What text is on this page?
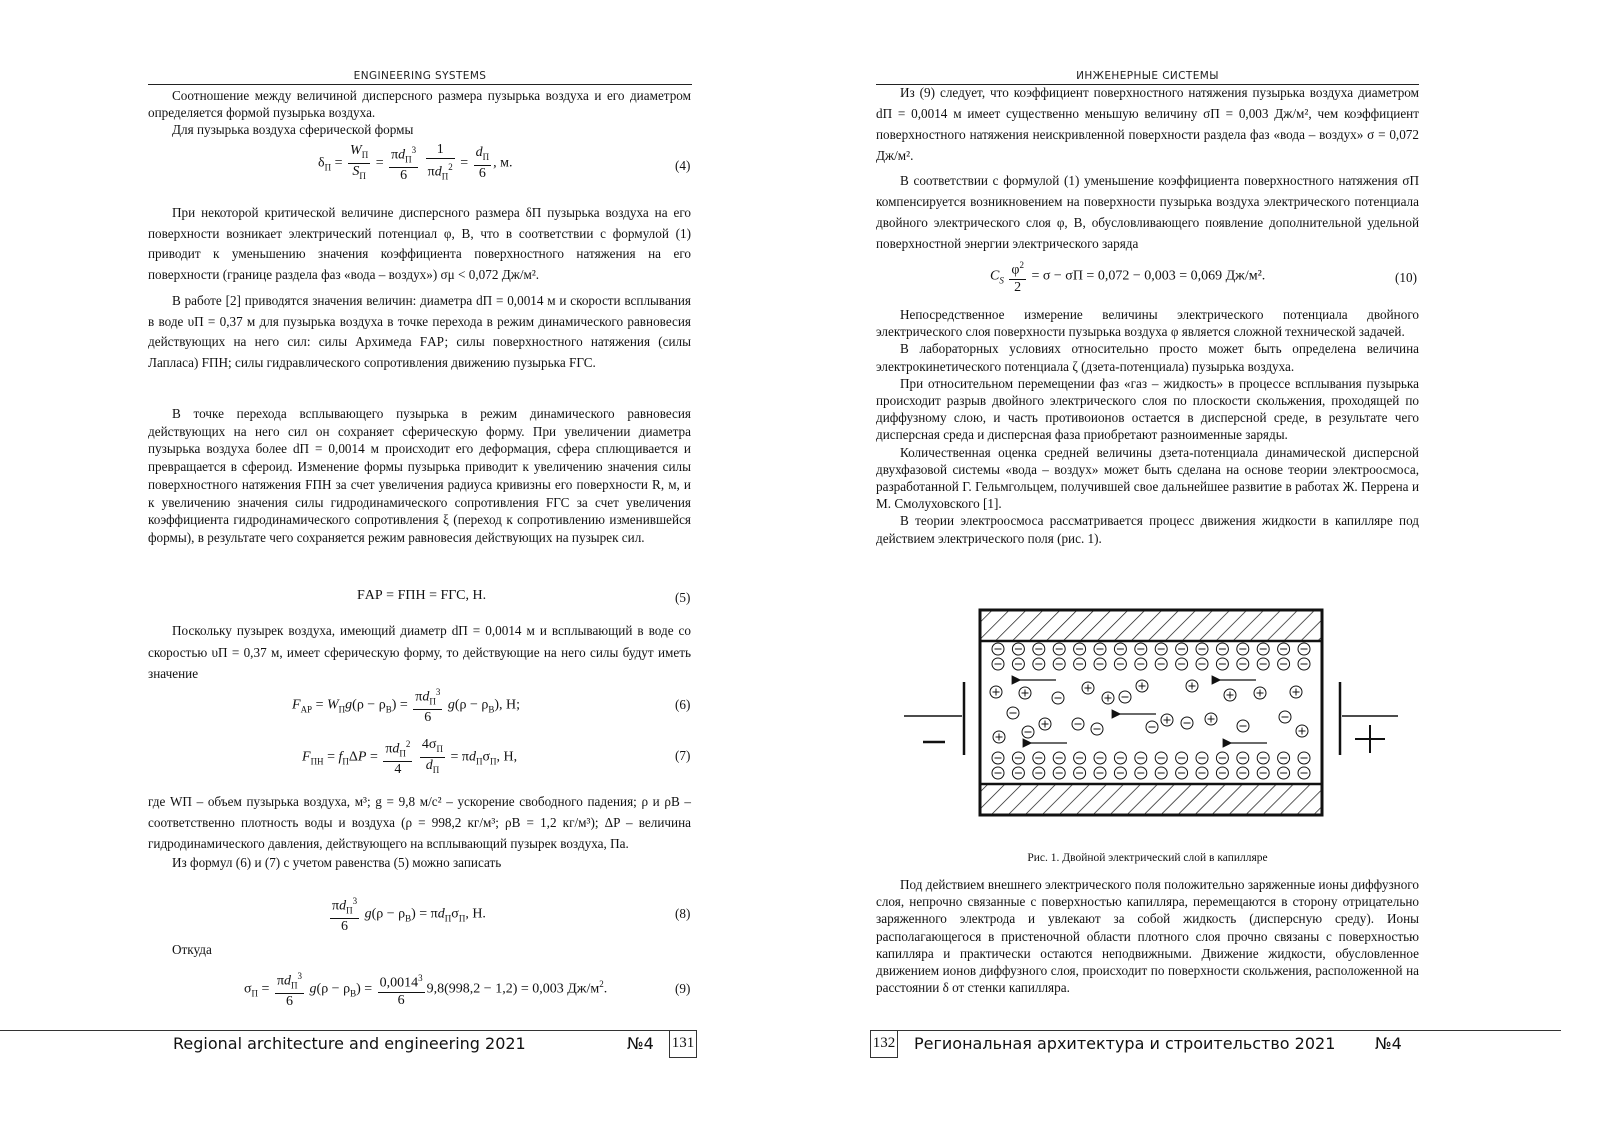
ENGINEERING SYSTEMS

Соотношение между величиной дисперсного размера пузырька воздуха и его диаметром определяется формой пузырька воздуха.

Для пузырька воздуха сферической формы

$\delta_П = \frac{W_П}{S_П} = \frac{\pi d_П^3}{6}$
$\frac{1}{\pi d_П^2} = \frac{d_П}{6}$ , м.	(4)

При некоторой критической величине дисперсного размера δП пузырька воздуха на его поверхности возникает электрический потенциал φ, В, что в соответствии с формулой (1) приводит к уменьшению значения коэффициента поверхностного натяжения на его поверхности (границе раздела фаз «вода – воздух») σμ < 0,072 Дж/м².

В работе [2] приводятся значения величин: диаметра dП = 0,0014 м и скорости всплывания в воде υП = 0,37 м для пузырька воздуха в точке перехода в режим динамического равновесия действующих на него сил: силы Архимеда FАР; силы поверхностного натяжения (силы Лапласа) FПН; силы гидравлического сопротивления движению пузырька FГС.

В точке перехода всплывающего пузырька в режим динамического равновесия действующих на него сил он сохраняет сферическую форму. При увеличении диаметра пузырька воздуха более dП = 0,0014 м происходит его деформация, сфера сплющивается и превращается в сфероид. Изменение формы пузырька приводит к увеличению значения силы поверхностного натяжения FПН за счет увеличения радиуса кривизны его поверхности R, м, и к увеличению значения силы гидродинамического сопротивления FГС за счет увеличения коэффициента гидродинамического сопротивления ξ (переход к сопротивлению изменившейся формы), в результате чего сохраняется режим равновесия действующих на пузырек сил.

FАР = FПН = FГС, Н.	(5)

Поскольку пузырек воздуха, имеющий диаметр dП = 0,0014 м и всплывающий в воде со скоростью υП = 0,37 м, имеет сферическую форму, то действующие на него силы будут иметь значение

$F_{АР} = W_Пg(\rho - \rho_В) = \frac{\pi d_П^3}{6} g(\rho - \rho_В)$, Н;	(6)
$F_{ПН} = f_П\Delta P = \frac{\pi d_П^2}{4}$
$\frac{4\sigma_П}{d_П} = \pi d_П\sigma_П$, Н,	(7)

где WП – объем пузырька воздуха, м³; g = 9,8 м/с² – ускорение свободного падения; ρ и ρВ – соответственно плотность воды и воздуха (ρ = 998,2 кг/м³; ρВ = 1,2 кг/м³); ΔP – величина гидродинамического давления, действующего на всплывающий пузырек воздуха, Па.

Из формул (6) и (7) с учетом равенства (5) можно записать

$\frac{\pi d_П^3}{6} g(\rho - \rho_В) = \pi d_П\sigma_П$, Н.	(8)

Откуда

$\sigma_П = \frac{\pi d_П^3}{6} g(\rho - \rho_В) = \frac{0,0014^3}{6} 9,8(998,2 - 1,2) = 0,003$ $Дж/м^2$.	(9)
Regional architecture and engineering 2021	№4 131
ИНЖЕНЕРНЫЕ СИСТЕМЫ

Из (9) следует, что коэффициент поверхностного натяжения пузырька воздуха диаметром dП = 0,0014 м имеет существенно меньшую величину σП = 0,003 Дж/м², чем коэффициент поверхностного натяжения неискривленной поверхности раздела фаз «вода – воздух» σ = 0,072 Дж/м².

В соответствии с формулой (1) уменьшение коэффициента поверхностного натяжения σП компенсируется возникновением на поверхности пузырька воздуха электрического потенциала двойного электрического слоя φ, В, обусловливающего появление дополнительной удельной поверхностной энергии электрического заряда

$C_S \frac{\varphi^2}{2} = \sigma - \sigma П = 0,072 - 0,003 = 0,069$ Дж/м².	(10)

Непосредственное измерение величины электрического потенциала двойного электрического слоя поверхности пузырька воздуха φ является сложной технической задачей.

В лабораторных условиях относительно просто может быть определена величина электрокинетического потенциала ζ (дзета-потенциала) пузырька воздуха.

При относительном перемещении фаз «газ – жидкость» в процессе всплывания пузырька происходит разрыв двойного электрического слоя по плоскости скольжения, проходящей по диффузному слою, и часть противоионов остается в дисперсной среде, в результате чего дисперсная среда и дисперсная фаза приобретают разноименные заряды.

Количественная оценка средней величины дзета-потенциала динамической дисперсной двухфазовой системы «вода – воздух» может быть сделана на основе теории электроосмоса, разработанной Г. Гельмгольцем, получившей свое дальнейшее развитие в работах Ж. Перрена и М. Смолуховского [1].

В теории электроосмоса рассматривается процесс движения жидкости в капилляре под действием электрического поля (рис. 1).

Рис. 1. Двойной электрический слой в капилляре

Под действием внешнего электрического поля положительно заряженные ионы диффузного слоя, непрочно связанные с поверхностью капилляра, перемещаются в сторону отрицательно заряженного электрода и увлекают за собой жидкость (дисперсную среду). Ионы располагающегося в пристеночной области плотного слоя прочно связаны с поверхностью капилляра и практически остаются неподвижными. Движение жидкости, обусловленное движением ионов диффузного слоя, происходит по поверхности скольжения, расположенной на расстоянии δ от стенки капилляра.

132 Региональная архитектура и строительство 2021 №4
